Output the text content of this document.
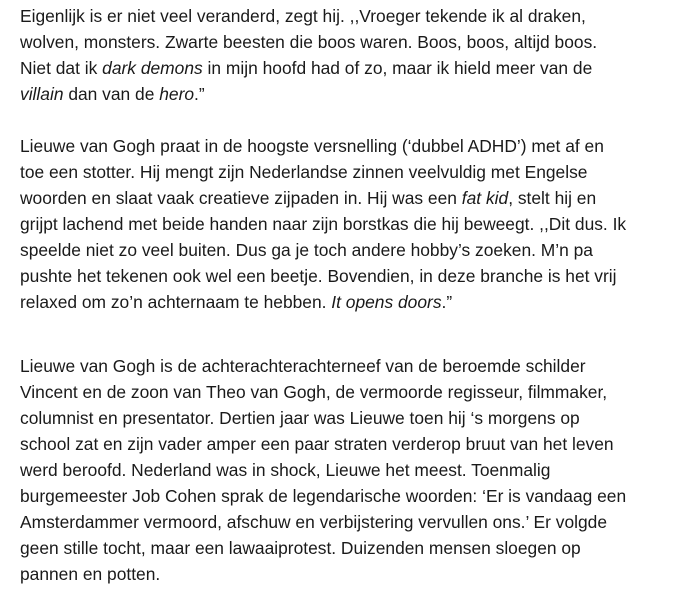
Eigenlijk is er niet veel veranderd, zegt hij. ,,Vroeger tekende ik al draken,
wolven, monsters. Zwarte beesten die boos waren. Boos, boos, altijd boos.
Niet dat ik dark demons in mijn hoofd had of zo, maar ik hield meer van de
villain dan van de hero.”

Lieuwe van Gogh praat in de hoogste versnelling (‘dubbel ADHD’) met af en
toe een stotter. Hij mengt zijn Nederlandse zinnen veelvuldig met Engelse
woorden en slaat vaak creatieve zijpaden in. Hij was een fat kid, stelt hij en
grijpt lachend met beide handen naar zijn borstkas die hij beweegt. ,,Dit dus. Ik
speelde niet zo veel buiten. Dus ga je toch andere hobby’s zoeken. M’n pa
pushte het tekenen ook wel een beetje. Bovendien, in deze branche is het vrij
relaxed om zo’n achternaam te hebben. It opens doors.”

Lieuwe van Gogh is de achterachterachterneef van de beroemde schilder
Vincent en de zoon van Theo van Gogh, de vermoorde regisseur, filmmaker,
columnist en presentator. Dertien jaar was Lieuwe toen hij ‘s morgens op
school zat en zijn vader amper een paar straten verderop bruut van het leven
werd beroofd. Nederland was in shock, Lieuwe het meest. Toenmalig
burgemeester Job Cohen sprak de legendarische woorden: ‘Er is vandaag een
Amsterdammer vermoord, afschuw en verbijstering vervullen ons.’ Er volgde
geen stille tocht, maar een lawaaiprotest. Duizenden mensen sloegen op
pannen en potten.
